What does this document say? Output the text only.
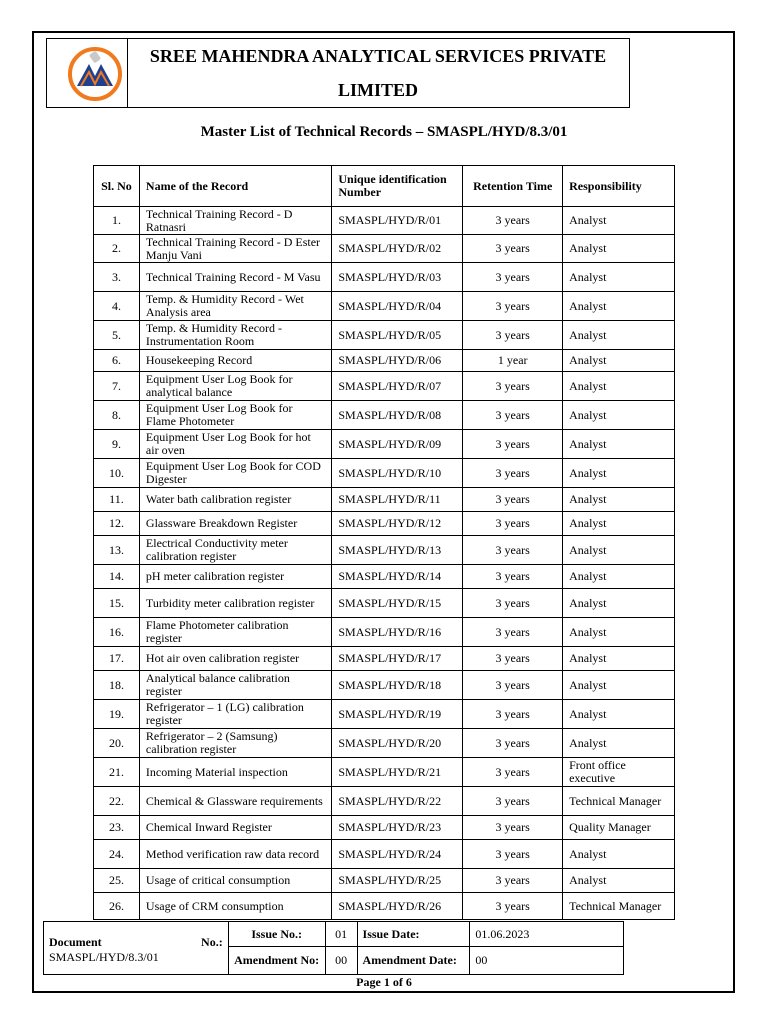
SREE MAHENDRA ANALYTICAL SERVICES PRIVATE
LIMITED
Master List of Technical Records – SMASPL/HYD/8.3/01
Sl. No	Name of the Record	Unique identification Number	Retention Time	Responsibility
1.	Technical Training Record - D Ratnasri	SMASPL/HYD/R/01	3 years	Analyst
2.	Technical Training Record - D Ester Manju Vani	SMASPL/HYD/R/02	3 years	Analyst
3.	Technical Training Record - M Vasu	SMASPL/HYD/R/03	3 years	Analyst
4.	Temp. & Humidity Record - Wet Analysis area	SMASPL/HYD/R/04	3 years	Analyst
5.	Temp. & Humidity Record - Instrumentation Room	SMASPL/HYD/R/05	3 years	Analyst
6.	Housekeeping Record	SMASPL/HYD/R/06	1 year	Analyst
7.	Equipment User Log Book for analytical balance	SMASPL/HYD/R/07	3 years	Analyst
8.	Equipment User Log Book for Flame Photometer	SMASPL/HYD/R/08	3 years	Analyst
9.	Equipment User Log Book for hot air oven	SMASPL/HYD/R/09	3 years	Analyst
10.	Equipment User Log Book for COD Digester	SMASPL/HYD/R/10	3 years	Analyst
11.	Water bath calibration register	SMASPL/HYD/R/11	3 years	Analyst
12.	Glassware Breakdown Register	SMASPL/HYD/R/12	3 years	Analyst
13.	Electrical Conductivity meter calibration register	SMASPL/HYD/R/13	3 years	Analyst
14.	pH meter calibration register	SMASPL/HYD/R/14	3 years	Analyst
15.	Turbidity meter calibration register	SMASPL/HYD/R/15	3 years	Analyst
16.	Flame Photometer calibration register	SMASPL/HYD/R/16	3 years	Analyst
17.	Hot air oven calibration register	SMASPL/HYD/R/17	3 years	Analyst
18.	Analytical balance calibration register	SMASPL/HYD/R/18	3 years	Analyst
19.	Refrigerator – 1 (LG) calibration register	SMASPL/HYD/R/19	3 years	Analyst
20.	Refrigerator – 2 (Samsung) calibration register	SMASPL/HYD/R/20	3 years	Analyst
21.	Incoming Material inspection	SMASPL/HYD/R/21	3 years	Front office executive
22.	Chemical & Glassware requirements	SMASPL/HYD/R/22	3 years	Technical Manager
23.	Chemical Inward Register	SMASPL/HYD/R/23	3 years	Quality Manager
24.	Method verification raw data record	SMASPL/HYD/R/24	3 years	Analyst
25.	Usage of critical consumption	SMASPL/HYD/R/25	3 years	Analyst
26.	Usage of CRM consumption	SMASPL/HYD/R/26	3 years	Technical Manager
Document No.:
SMASPL/HYD/8.3/01	Issue No.:	01	Issue Date:	01.06.2023
	Amendment No:	00	Amendment Date:	00
Page 1 of 6
